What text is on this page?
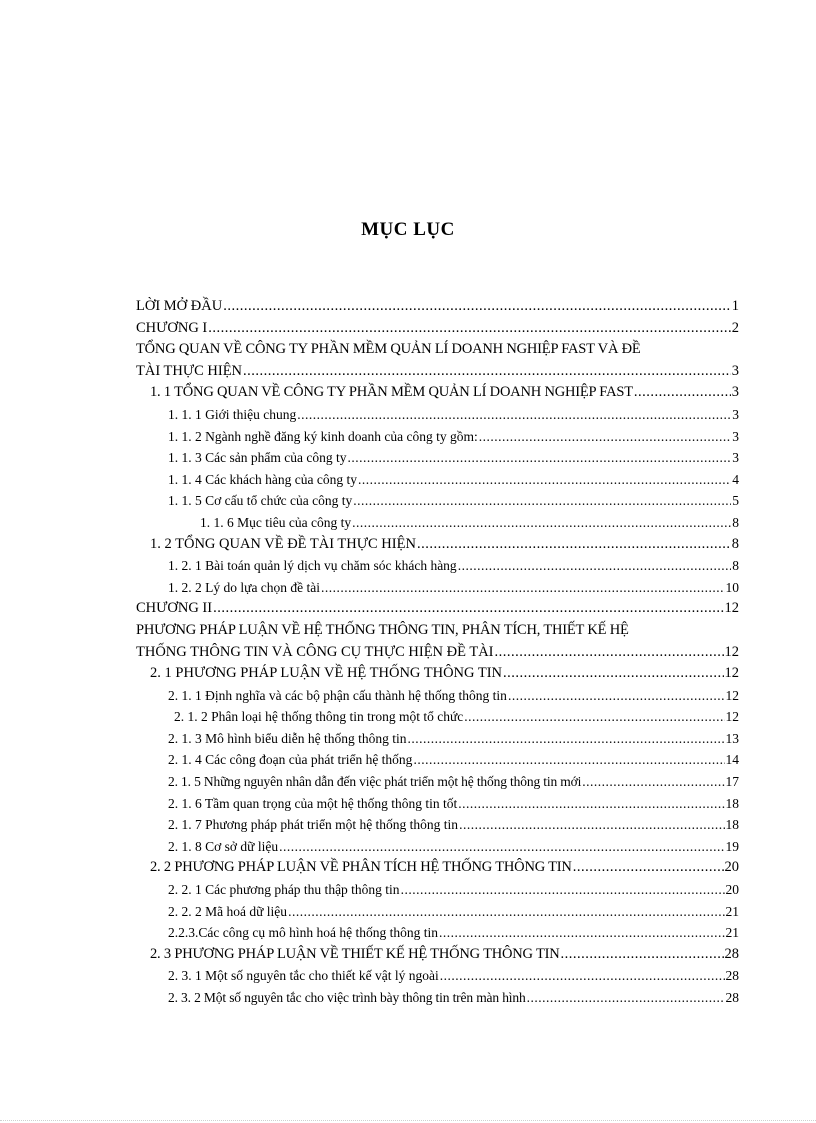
MỤC LỤC
LỜI MỞ ĐẦU .....	1
CHƯƠNG I .....	2
TỔNG QUAN VỀ CÔNG TY PHẦN MỀM QUẢN LÍ DOANH NGHIỆP FAST VÀ ĐỀ
TÀI THỰC HIỆN .....	3
1. 1 TỔNG QUAN VỀ CÔNG TY PHẦN MỀM QUẢN LÍ DOANH NGHIỆP FAST .....	3
1. 1. 1 Giới thiệu chung .....	3
1. 1. 2 Ngành nghề đăng ký kinh doanh của công ty gồm: .....	3
1. 1. 3 Các sản phẩm của công ty .....	3
1. 1. 4 Các khách hàng của công ty .....	4
1. 1. 5 Cơ cấu tổ chức của công ty .....	5
1. 1. 6 Mục tiêu của công ty .....	8
1. 2 TỔNG QUAN VỀ ĐỀ TÀI THỰC HIỆN .....	8
1. 2. 1 Bài toán quản lý dịch vụ chăm sóc khách hàng .....	8
1. 2. 2 Lý do lựa chọn đề tài .....	10
CHƯƠNG II .....	12
PHƯƠNG PHÁP LUẬN VỀ HỆ THỐNG THÔNG TIN, PHÂN TÍCH, THIẾT KẾ HỆ
THỐNG THÔNG TIN VÀ CÔNG CỤ THỰC HIỆN ĐỀ TÀI .....	12
2. 1 PHƯƠNG PHÁP LUẬN VỀ HỆ THỐNG THÔNG TIN .....	12
2. 1. 1 Định nghĩa và các bộ phận cấu thành hệ thống thông tin .....	12
2. 1. 2 Phân loại hệ thống thông tin trong một tổ chức .....	12
2. 1. 3 Mô hình biểu diễn hệ thống thông tin .....	13
2. 1. 4 Các công đoạn của phát triển hệ thống .....	14
2. 1. 5 Những nguyên nhân dẫn đến việc phát triển một hệ thống thông tin mới .....	17
2. 1. 6 Tầm quan trọng của một hệ thống thông tin tốt .....	18
2. 1. 7 Phương pháp phát triển một hệ thống thông tin .....	18
2. 1. 8 Cơ sở dữ liệu .....	19
2. 2 PHƯƠNG PHÁP LUẬN VỀ PHÂN TÍCH HỆ THỐNG THÔNG TIN .....	20
2. 2. 1 Các phương pháp thu thập thông tin .....	20
2. 2. 2 Mã hoá dữ liệu .....	21
2.2.3.Các công cụ mô hình hoá hệ thống thông tin .....	21
2. 3 PHƯƠNG PHÁP LUẬN VỀ THIẾT KẾ HỆ THỐNG THÔNG TIN .....	28
2. 3. 1 Một số nguyên tắc cho thiết kế vật lý ngoài .....	28
2. 3. 2 Một số nguyên tắc cho việc trình bày thông tin trên màn hình .....	28
